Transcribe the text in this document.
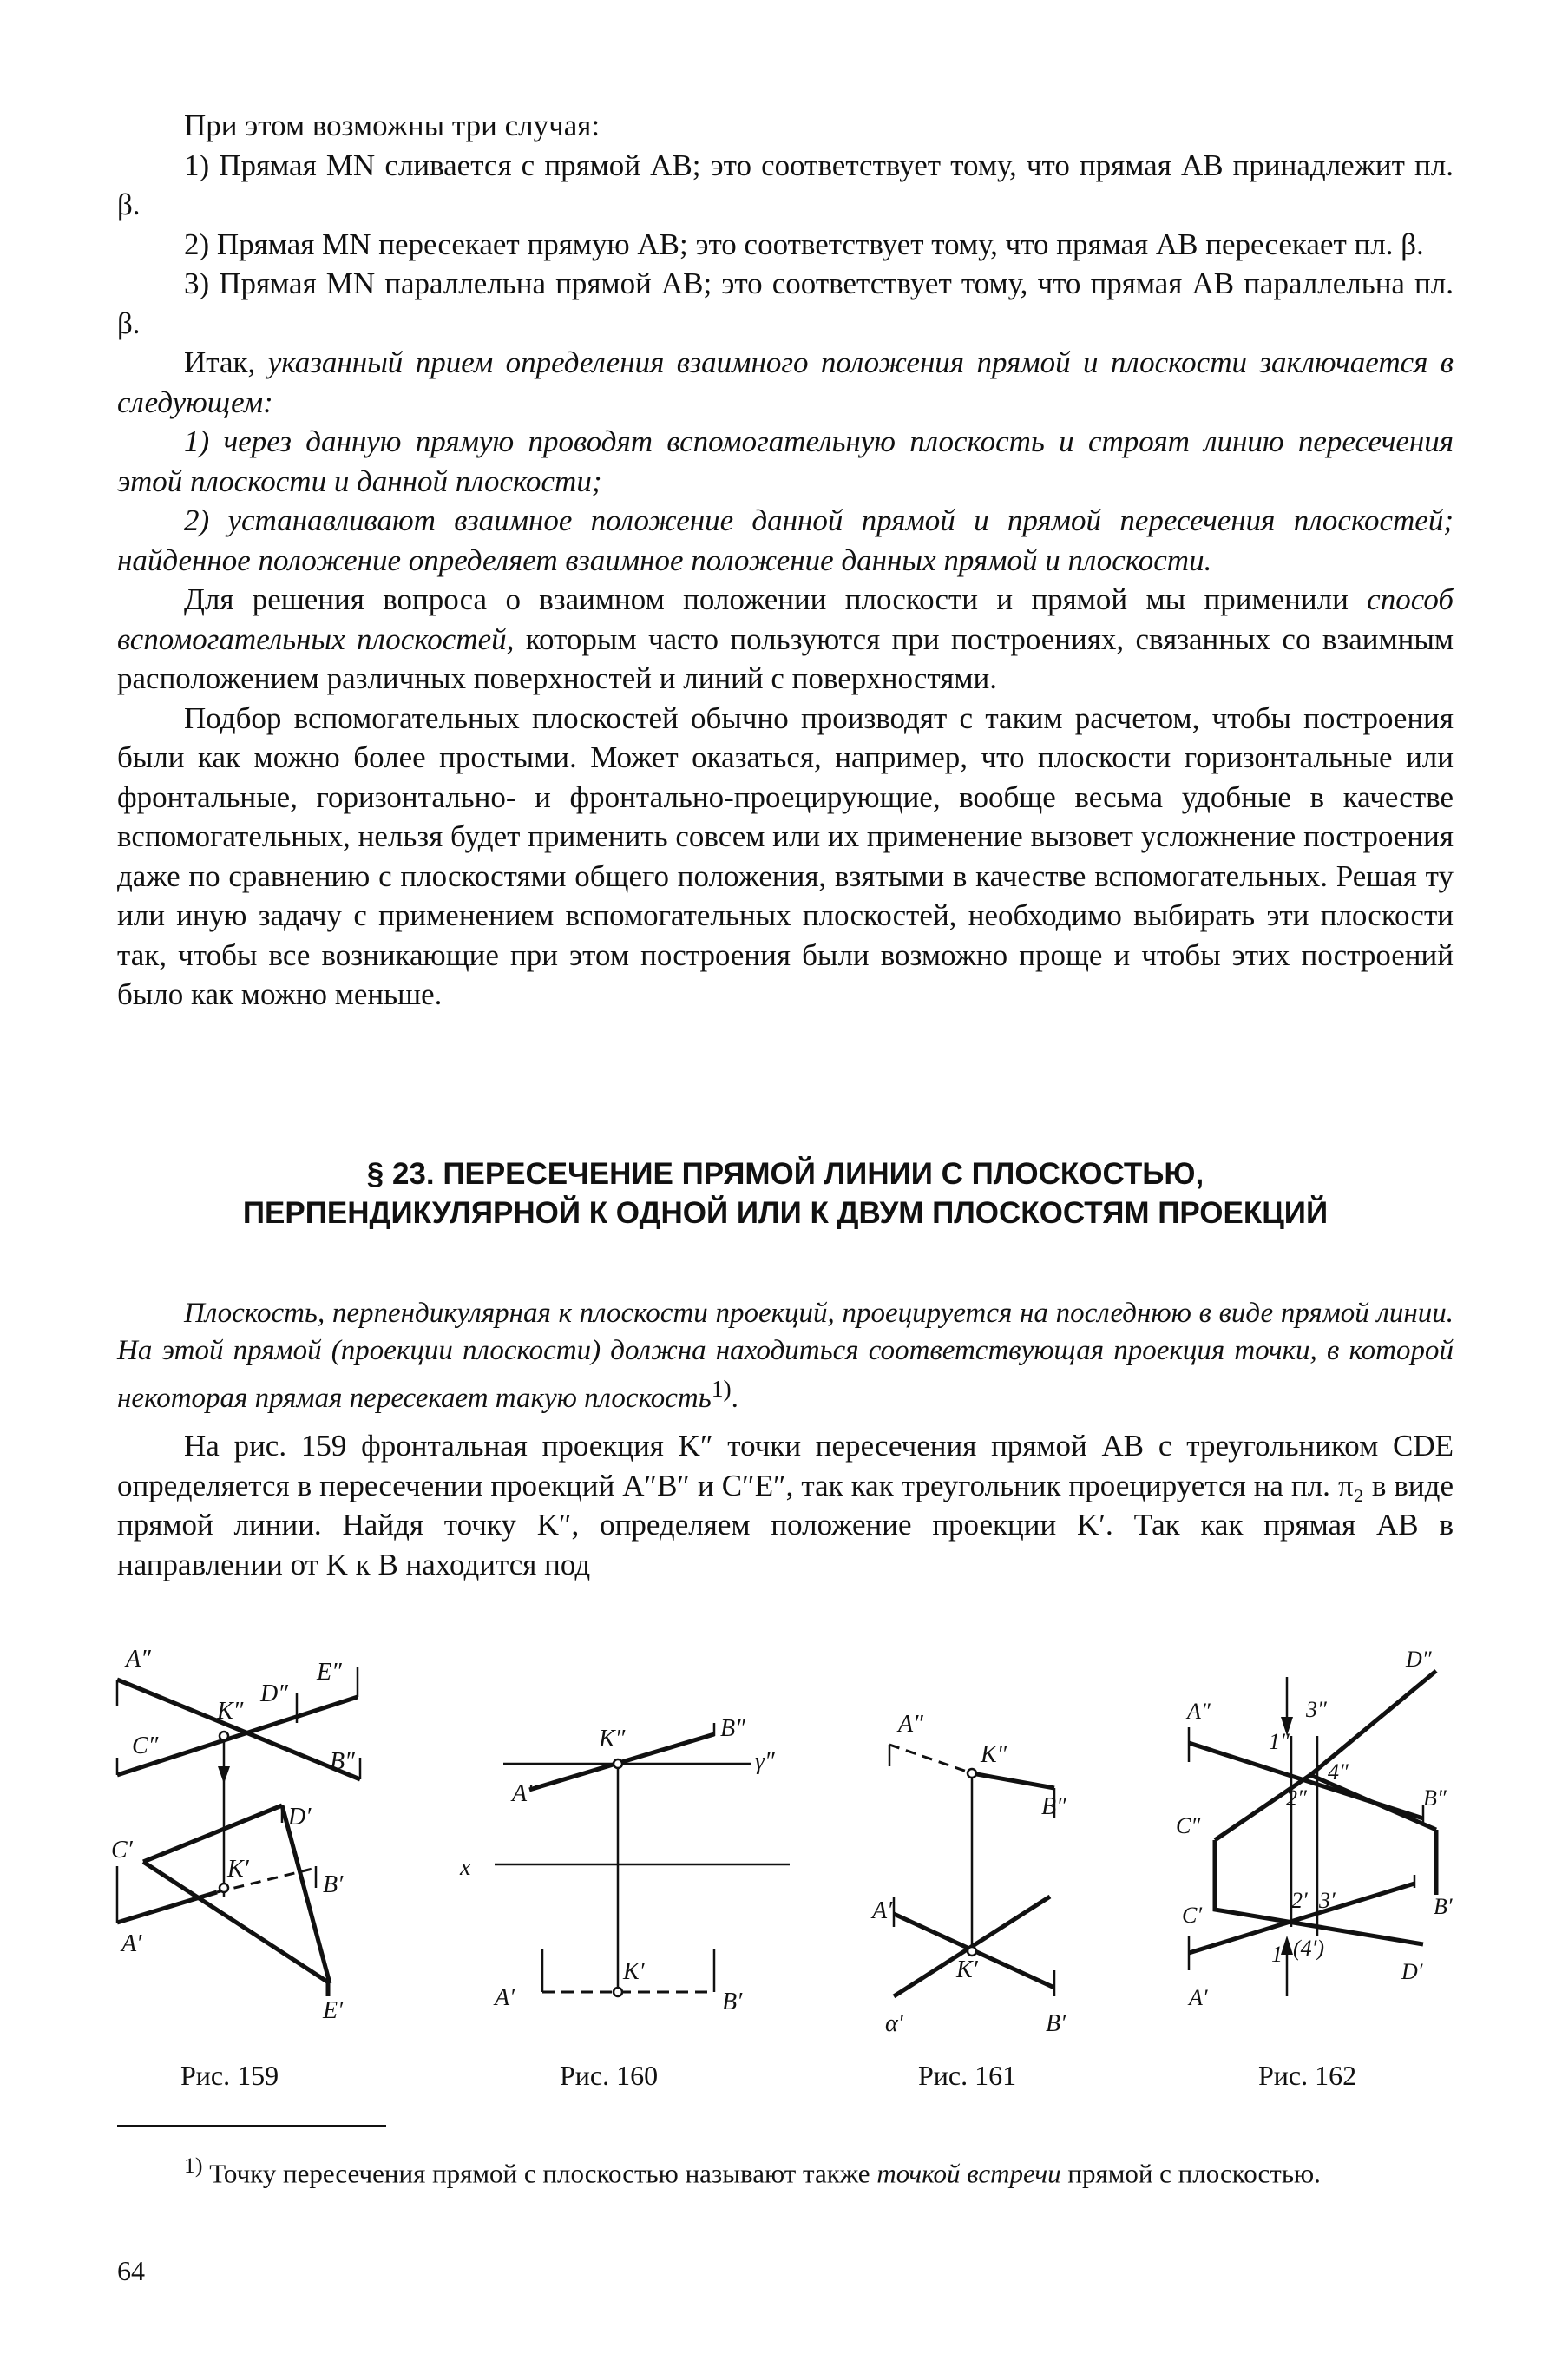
При этом возможны три случая:

1) Прямая MN сливается с прямой AB; это соответствует тому, что прямая AB принадлежит пл. β.

2) Прямая MN пересекает прямую AB; это соответствует тому, что прямая AB пересекает пл. β.

3) Прямая MN параллельна прямой AB; это соответствует тому, что прямая AB параллельна пл. β.

Итак, указанный прием определения взаимного положения прямой и плоскости заключается в следующем:

1) через данную прямую проводят вспомогательную плоскость и строят линию пересечения этой плоскости и данной плоскости;

2) устанавливают взаимное положение данной прямой и прямой пересечения плоскостей; найденное положение определяет взаимное положение данных прямой и плоскости.

Для решения вопроса о взаимном положении плоскости и прямой мы применили способ вспомогательных плоскостей, которым часто пользуются при построениях, связанных со взаимным расположением различных поверхностей и линий с поверхностями.

Подбор вспомогательных плоскостей обычно производят с таким расчетом, чтобы построения были как можно более простыми. Может оказаться, например, что плоскости горизонтальные или фронтальные, горизонтально- и фронтально-проецирующие, вообще весьма удобные в качестве вспомогательных, нельзя будет применить совсем или их применение вызовет усложнение построения даже по сравнению с плоскостями общего положения, взятыми в качестве вспомогательных. Решая ту или иную задачу с применением вспомогательных плоскостей, необходимо выбирать эти плоскости так, чтобы все возникающие при этом построения были возможно проще и чтобы этих построений было как можно меньше.

§ 23. ПЕРЕСЕЧЕНИЕ ПРЯМОЙ ЛИНИИ С ПЛОСКОСТЬЮ,

ПЕРПЕНДИКУЛЯРНОЙ К ОДНОЙ ИЛИ К ДВУМ ПЛОСКОСТЯМ ПРОЕКЦИЙ

Плоскость, перпендикулярная к плоскости проекций, проецируется на последнюю в виде прямой линии. На этой прямой (проекции плоскости) должна находиться соответствующая проекция точки, в которой некоторая прямая пересекает такую плоскость$^{1)}$.

На рис. 159 фронтальная проекция K″ точки пересечения прямой AB с треугольником CDE определяется в пересечении проекций A″B″ и C″E″, так как треугольник проецируется на пл. π₂ в виде прямой линии. Найдя точку K″, определяем положение проекции K′. Так как прямая AB в направлении от K к B находится под

A″
K″
D″
E″
C″
B″
C′
D′
K′
B′
A′
E′
Рис. 159
K″	B″
γ″
A″
x
A′
K′
B′
Рис. 160
A″
K″
B″
A′
K′
α′	B′
Рис. 161
D″
A″
1″
3″
4″
2″
C″
B″
C′
2′ 3′	B′
1′ (4′)
D′
A′
Рис. 162

$^{1)}$ Точку пересечения прямой с плоскостью называют также точкой встречи прямой с плоскостью.

64
